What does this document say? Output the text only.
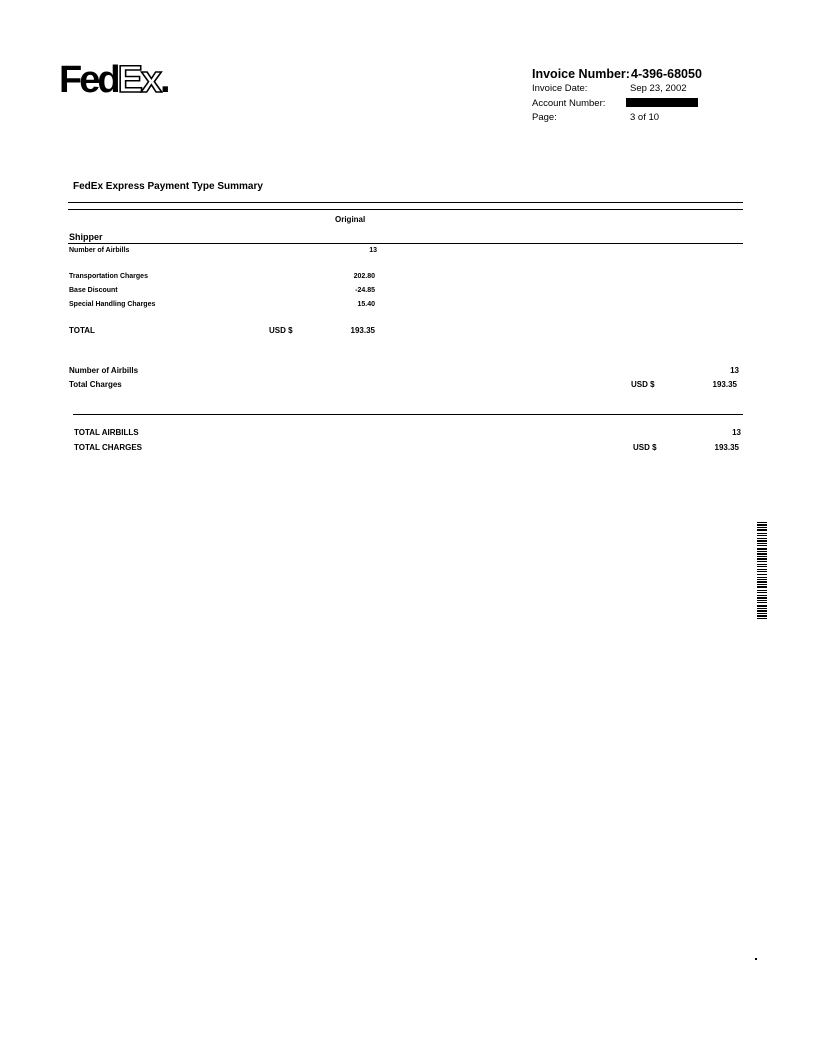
FedEx.	Invoice Number: 4-396-68050
Invoice Date:	Sep 23, 2002
Account Number:
Page:	3 of 10
FedEx Express Payment Type Summary
Original
Shipper
Number of Airbills	13
Transportation Charges	202.80
Base Discount	-24.85
Special Handling Charges	15.40
TOTAL	USD $	193.35
Number of Airbills	13
Total Charges	USD $	193.35
TOTAL AIRBILLS	13
TOTAL CHARGES	USD $	193.35
